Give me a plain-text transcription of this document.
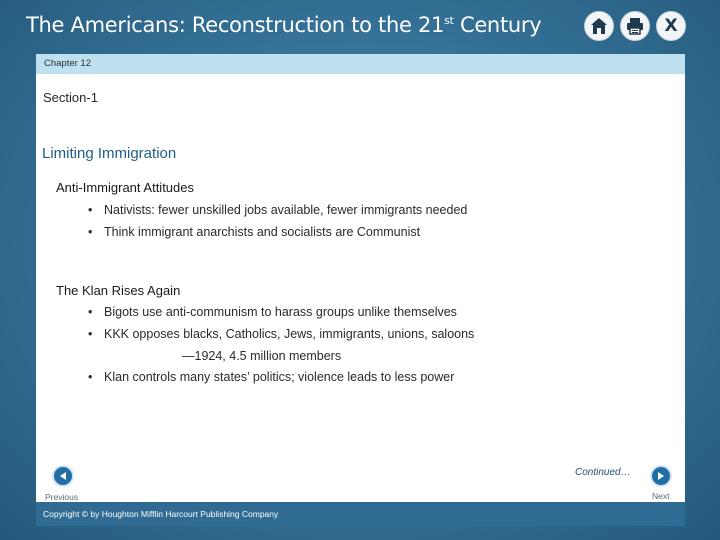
The Americans: Reconstruction to the 21st Century	X
Chapter 12
Section-1
Limiting Immigration
Anti-Immigrant Attitudes
• Nativists: fewer unskilled jobs available, fewer immigrants needed
• Think immigrant anarchists and socialists are Communist
The Klan Rises Again
• Bigots use anti-communism to harass groups unlike themselves
• KKK opposes blacks, Catholics, Jews, immigrants, unions, saloons
—1924, 4.5 million members
• Klan controls many states’ politics; violence leads to less power
Continued…
Previous	Next
Copyright © by Houghton Mifflin Harcourt Publishing Company
